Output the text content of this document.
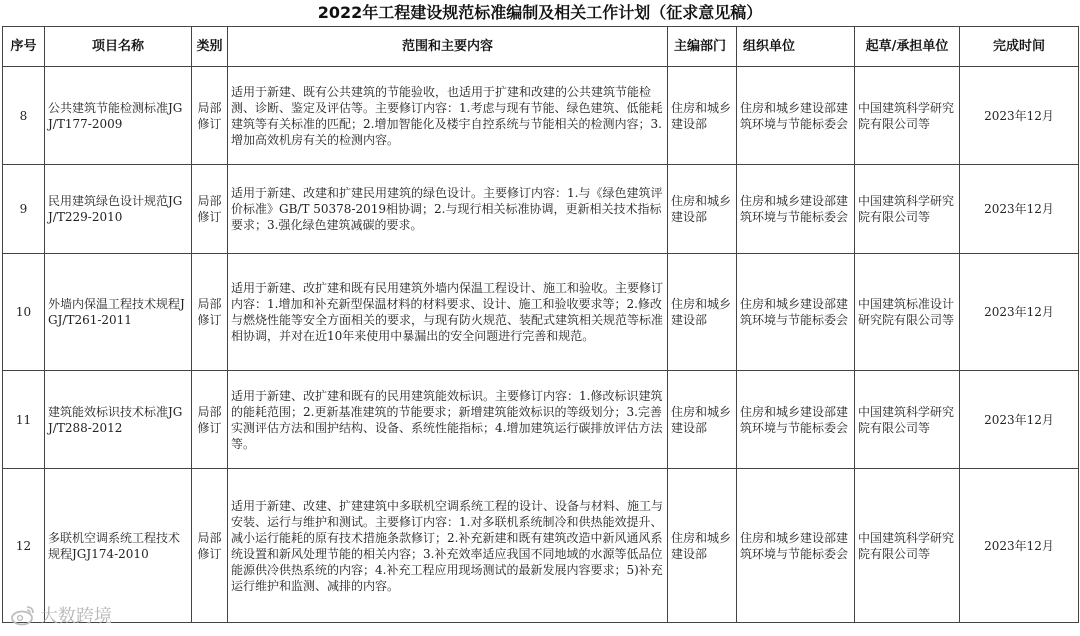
2022年工程建设规范标准编制及相关工作计划（征求意见稿）
序号	项目名称	类别	范围和主要内容	主编部门	组织单位	起草/承担单位	完成时间
8	公共建筑节能检测标准JGJ/T177-2009	局部修订	适用于新建、既有公共建筑的节能验收，也适用于扩建和改建的公共建筑节能检测、诊断、鉴定及评估等。主要修订内容：1.考虑与现有节能、绿色建筑、低能耗建筑等有关标准的匹配；2.增加智能化及楼宇自控系统与节能相关的检测内容；3.增加高效机房有关的检测内容。	住房和城乡建设部	住房和城乡建设部建筑环境与节能标委会	中国建筑科学研究院有限公司等	2023年12月
9	民用建筑绿色设计规范JGJ/T229-2010	局部修订	适用于新建、改建和扩建民用建筑的绿色设计。主要修订内容：1.与《绿色建筑评价标准》GB/T 50378-2019相协调；2.与现行相关标准协调，更新相关技术指标要求；3.强化绿色建筑减碳的要求。	住房和城乡建设部	住房和城乡建设部建筑环境与节能标委会	中国建筑科学研究院有限公司等	2023年12月
10	外墙内保温工程技术规程JGJ/T261-2011	局部修订	适用于新建、改扩建和既有民用建筑外墙内保温工程设计、施工和验收。主要修订内容：1.增加和补充新型保温材料的材料要求、设计、施工和验收要求等；2.修改与燃烧性能等安全方面相关的要求，与现有防火规范、装配式建筑相关规范等标准相协调，并对在近10年来使用中暴漏出的安全问题进行完善和规范。	住房和城乡建设部	住房和城乡建设部建筑环境与节能标委会	中国建筑标准设计研究院有限公司等	2023年12月
11	建筑能效标识技术标准JGJ/T288-2012	局部修订	适用于新建、改扩建和既有的民用建筑能效标识。主要修订内容：1.修改标识建筑的能耗范围；2.更新基准建筑的节能要求；新增建筑能效标识的等级划分；3.完善实测评估方法和围护结构、设备、系统性能指标；4.增加建筑运行碳排放评估方法等。	住房和城乡建设部	住房和城乡建设部建筑环境与节能标委会	中国建筑科学研究院有限公司等	2023年12月
12	多联机空调系统工程技术规程JGJ174-2010	局部修订	适用于新建、改建、扩建建筑中多联机空调系统工程的设计、设备与材料、施工与安装、运行与维护和测试。主要修订内容：1.对多联机系统制冷和供热能效提升、减小运行能耗的原有技术措施条款修订；2.补充新建和既有建筑改造中新风通风系统设置和新风处理节能的相关内容；3.补充效率适应我国不同地域的水源等低品位能源供冷供热系统的内容；4.补充工程应用现场测试的最新发展内容要求；5)补充运行维护和监测、减排的内容。	住房和城乡建设部	住房和城乡建设部建筑环境与节能标委会	中国建筑科学研究院有限公司等	2023年12月
大数跨境
